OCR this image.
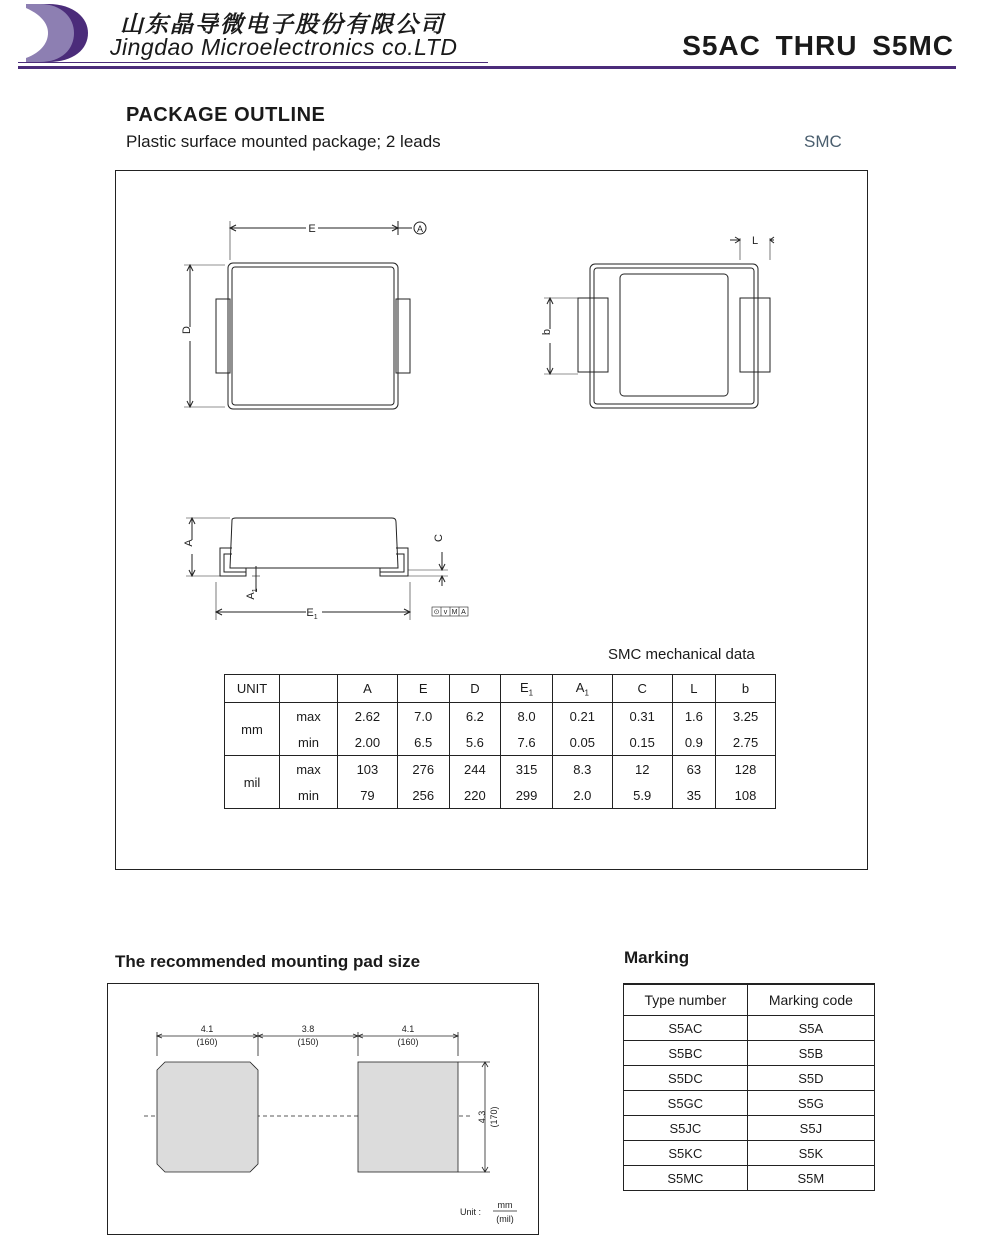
山东晶导微电子股份有限公司
Jingdao Microelectronics co.LTD	S5AC THRU S5MC
PACKAGE OUTLINE
Plastic surface mounted package; 2 leads	SMC
E	A
D
L
b
A
C
$A_1$
$E_1$
⊙ v M A
SMC mechanical data
UNIT		A	E	D	$E_1$	$A_1$	C	L	b
mm	max	2.62	7.0	6.2	8.0	0.21	0.31	1.6	3.25
	min	2.00	6.5	5.6	7.6	0.05	0.15	0.9	2.75
mil	max	103	276	244	315	8.3	12	63	128
	min	79	256	220	299	2.0	5.9	35	108
The recommended mounting pad size
4.1
(160)
3.8
(150)
4.1
(160)
4.3 (170)
Unit :
mm
(mil)
Marking
Type number	Marking code
S5AC	S5A
S5BC	S5B
S5DC	S5D
S5GC	S5G
S5JC	S5J
S5KC	S5K
S5MC	S5M
